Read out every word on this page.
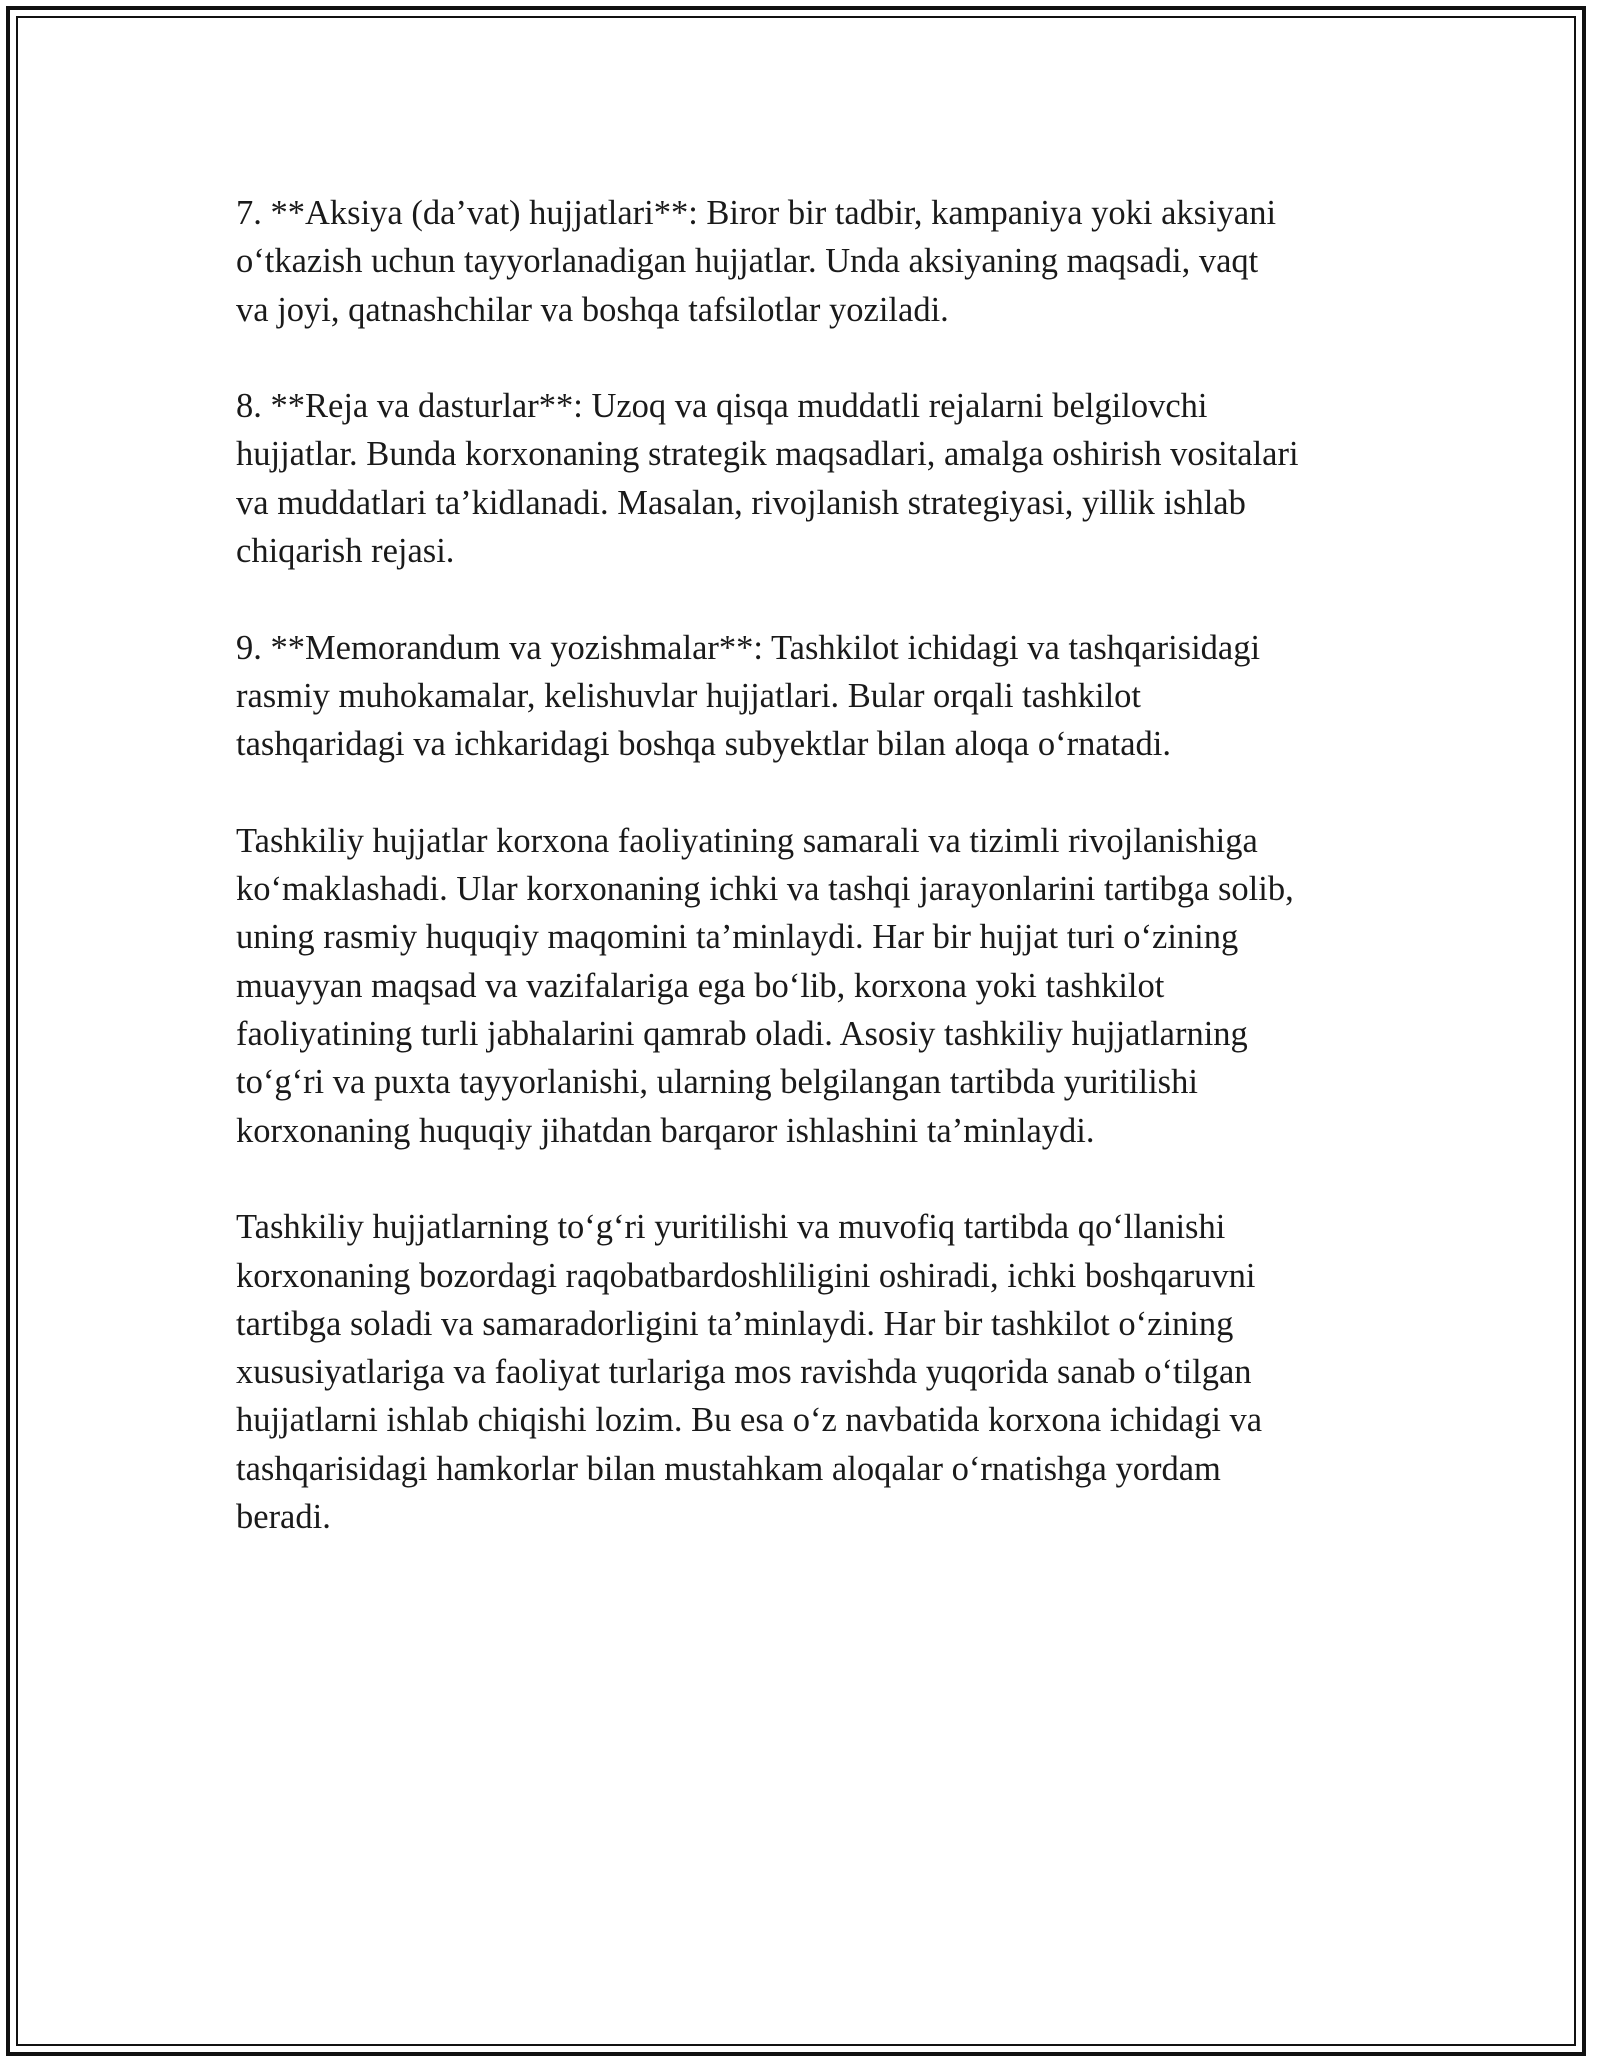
7. **Aksiya (da’vat) hujjatlari**: Biror bir tadbir, kampaniya yoki aksiyani
o‘tkazish uchun tayyorlanadigan hujjatlar. Unda aksiyaning maqsadi, vaqt
va joyi, qatnashchilar va boshqa tafsilotlar yoziladi.

8. **Reja va dasturlar**: Uzoq va qisqa muddatli rejalarni belgilovchi
hujjatlar. Bunda korxonaning strategik maqsadlari, amalga oshirish vositalari
va muddatlari ta’kidlanadi. Masalan, rivojlanish strategiyasi, yillik ishlab
chiqarish rejasi.

9. **Memorandum va yozishmalar**: Tashkilot ichidagi va tashqarisidagi
rasmiy muhokamalar, kelishuvlar hujjatlari. Bular orqali tashkilot
tashqaridagi va ichkaridagi boshqa subyektlar bilan aloqa o‘rnatadi.

Tashkiliy hujjatlar korxona faoliyatining samarali va tizimli rivojlanishiga
ko‘maklashadi. Ular korxonaning ichki va tashqi jarayonlarini tartibga solib,
uning rasmiy huquqiy maqomini ta’minlaydi. Har bir hujjat turi o‘zining
muayyan maqsad va vazifalariga ega bo‘lib, korxona yoki tashkilot
faoliyatining turli jabhalarini qamrab oladi. Asosiy tashkiliy hujjatlarning
to‘g‘ri va puxta tayyorlanishi, ularning belgilangan tartibda yuritilishi
korxonaning huquqiy jihatdan barqaror ishlashini ta’minlaydi.

Tashkiliy hujjatlarning to‘g‘ri yuritilishi va muvofiq tartibda qo‘llanishi
korxonaning bozordagi raqobatbardoshliligini oshiradi, ichki boshqaruvni
tartibga soladi va samaradorligini ta’minlaydi. Har bir tashkilot o‘zining
xususiyatlariga va faoliyat turlariga mos ravishda yuqorida sanab o‘tilgan
hujjatlarni ishlab chiqishi lozim. Bu esa o‘z navbatida korxona ichidagi va
tashqarisidagi hamkorlar bilan mustahkam aloqalar o‘rnatishga yordam
beradi.
